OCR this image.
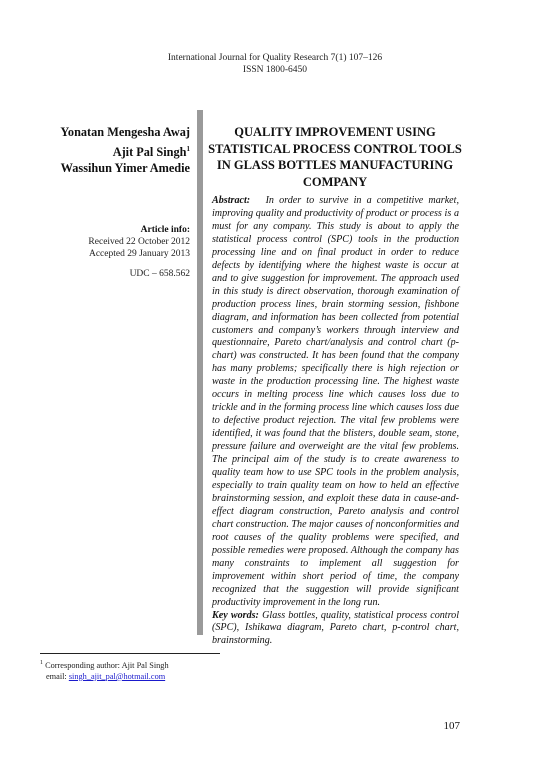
International Journal for Quality Research 7(1) 107–126
ISSN 1800-6450
Yonatan Mengesha Awaj
Ajit Pal Singh$^1$
Wassihun Yimer Amedie
Article info:
Received 22 October 2012
Accepted 29 January 2013
UDC – 658.562
QUALITY IMPROVEMENT USING STATISTICAL PROCESS CONTROL TOOLS IN GLASS BOTTLES MANUFACTURING COMPANY

Abstract: In order to survive in a competitive market, improving quality and productivity of product or process is a must for any company. This study is about to apply the statistical process control (SPC) tools in the production processing line and on final product in order to reduce defects by identifying where the highest waste is occur at and to give suggestion for improvement. The approach used in this study is direct observation, thorough examination of production process lines, brain storming session, fishbone diagram, and information has been collected from potential customers and company’s workers through interview and questionnaire, Pareto chart/analysis and control chart (p-chart) was constructed. It has been found that the company has many problems; specifically there is high rejection or waste in the production processing line. The highest waste occurs in melting process line which causes loss due to trickle and in the forming process line which causes loss due to defective product rejection. The vital few problems were identified, it was found that the blisters, double seam, stone, pressure failure and overweight are the vital few problems. The principal aim of the study is to create awareness to quality team how to use SPC tools in the problem analysis, especially to train quality team on how to held an effective brainstorming session, and exploit these data in cause-and-effect diagram construction, Pareto analysis and control chart construction. The major causes of nonconformities and root causes of the quality problems were specified, and possible remedies were proposed. Although the company has many constraints to implement all suggestion for improvement within short period of time, the company recognized that the suggestion will provide significant productivity improvement in the long run.

Key words: Glass bottles, quality, statistical process control (SPC), Ishikawa diagram, Pareto chart, p-control chart, brainstorming.

$^1$ Corresponding author: Ajit Pal Singh
email: singh_ajit_pal@hotmail.com
107
